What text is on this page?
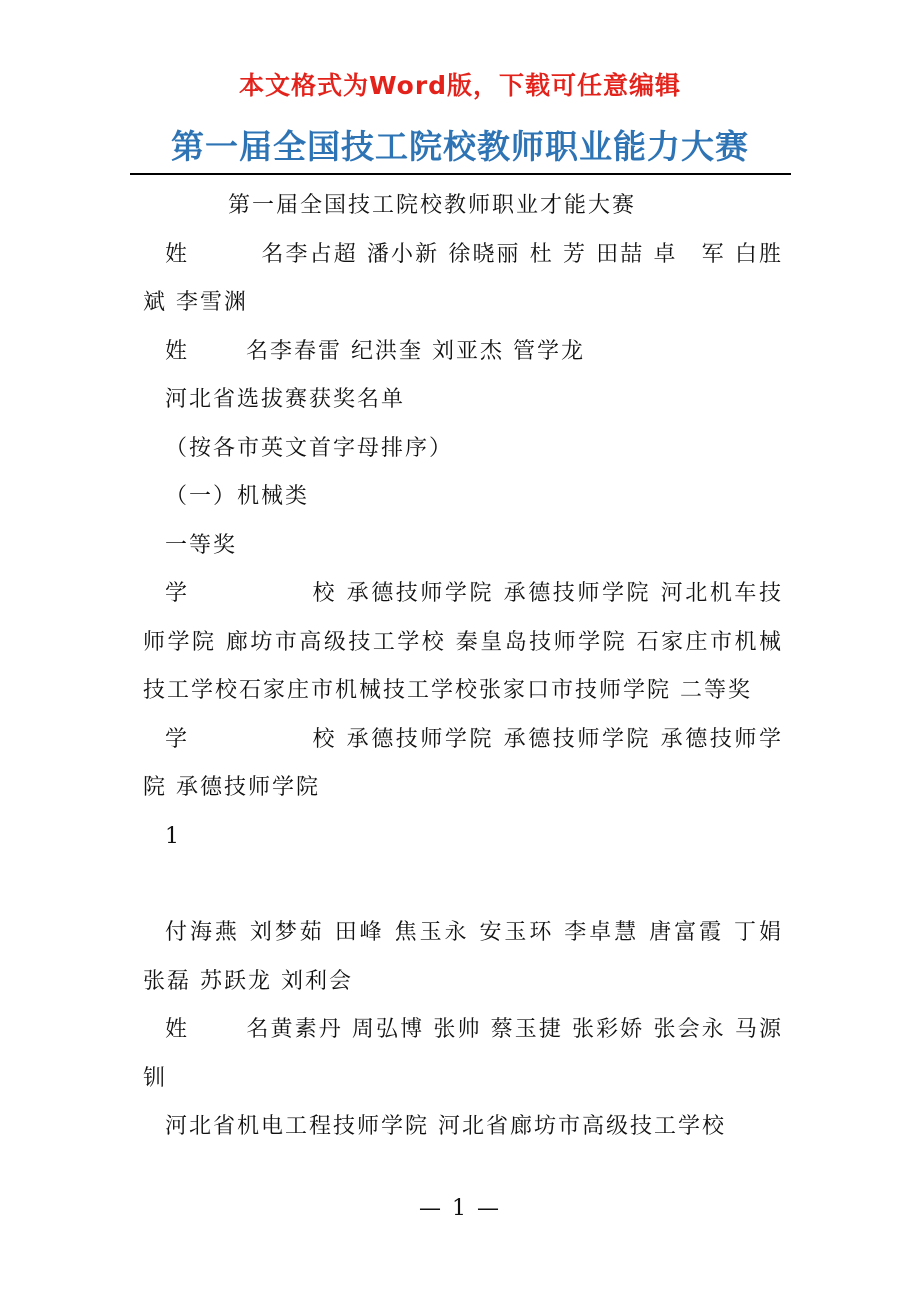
本文格式为Word版，下载可任意编辑
第一届全国技工院校教师职业能力大赛

第一届全国技工院校教师职业才能大赛

姓　　　名李占超 潘小新 徐晓丽 杜 芳 田喆 卓　军 白胜斌 李雪渊

姓　　 名李春雷 纪洪奎 刘亚杰 管学龙

河北省选拔赛获奖名单

（按各市英文首字母排序）

（一）机械类

一等奖

学　　　　　校 承德技师学院 承德技师学院 河北机车技师学院 廊坊市高级技工学校 秦皇岛技师学院 石家庄市机械技工学校石家庄市机械技工学校张家口市技师学院 二等奖

学　　　　　校 承德技师学院 承德技师学院 承德技师学院 承德技师学院

1

付海燕 刘梦茹 田峰 焦玉永 安玉环 李卓慧 唐富霞 丁娟 张磊 苏跃龙 刘利会

姓　　 名黄素丹 周弘博 张帅 蔡玉捷 张彩娇 张会永 马源钏

河北省机电工程技师学院 河北省廊坊市高级技工学校

— 1 —
